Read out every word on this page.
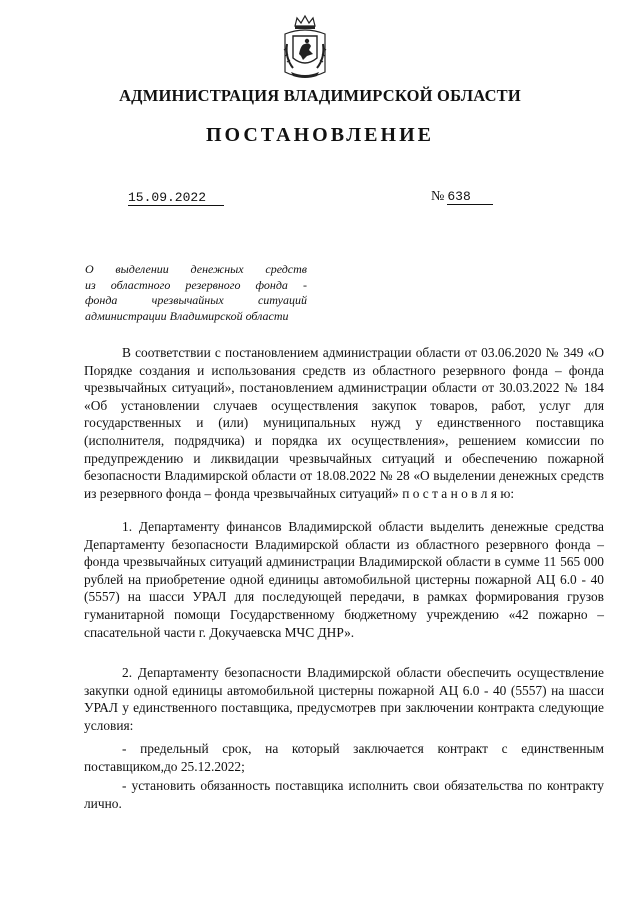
АДМИНИСТРАЦИЯ ВЛАДИМИРСКОЙ ОБЛАСТИ
ПОСТАНОВЛЕНИЕ
15.09.2022	№ 638
О выделении денежных средств
из областного резервного фонда -
фонда чрезвычайных ситуаций
администрации Владимирской области

В соответствии с постановлением администрации области от 03.06.2020 № 349 «О Порядке создания и использования средств из областного резервного фонда – фонда чрезвычайных ситуаций», постановлением администрации области от 30.03.2022 № 184 «Об установлении случаев осуществления закупок товаров, работ, услуг для государственных и (или) муниципальных нужд у единственного поставщика (исполнителя, подрядчика) и порядка их осуществления», решением комиссии по предупреждению и ликвидации чрезвычайных ситуаций и обеспечению пожарной безопасности Владимирской области от 18.08.2022 № 28 «О выделении денежных средств из резервного фонда – фонда чрезвычайных ситуаций» п о с т а н о в л я ю:

1. Департаменту финансов Владимирской области выделить денежные средства Департаменту безопасности Владимирской области из областного резервного фонда – фонда чрезвычайных ситуаций администрации Владимирской области в сумме 11 565 000 рублей на приобретение одной единицы автомобильной цистерны пожарной АЦ 6.0 - 40 (5557) на шасси УРАЛ для последующей передачи, в рамках формирования грузов гуманитарной помощи Государственному бюджетному учреждению «42 пожарно – спасательной части г. Докучаевска МЧС ДНР».

2. Департаменту безопасности Владимирской области обеспечить осуществление закупки одной единицы автомобильной цистерны пожарной АЦ 6.0 - 40 (5557) на шасси УРАЛ у единственного поставщика, предусмотрев при заключении контракта следующие условия:

- предельный срок, на который заключается контракт с единственным поставщиком,до 25.12.2022;

- установить обязанность поставщика исполнить свои обязательства по контракту лично.
